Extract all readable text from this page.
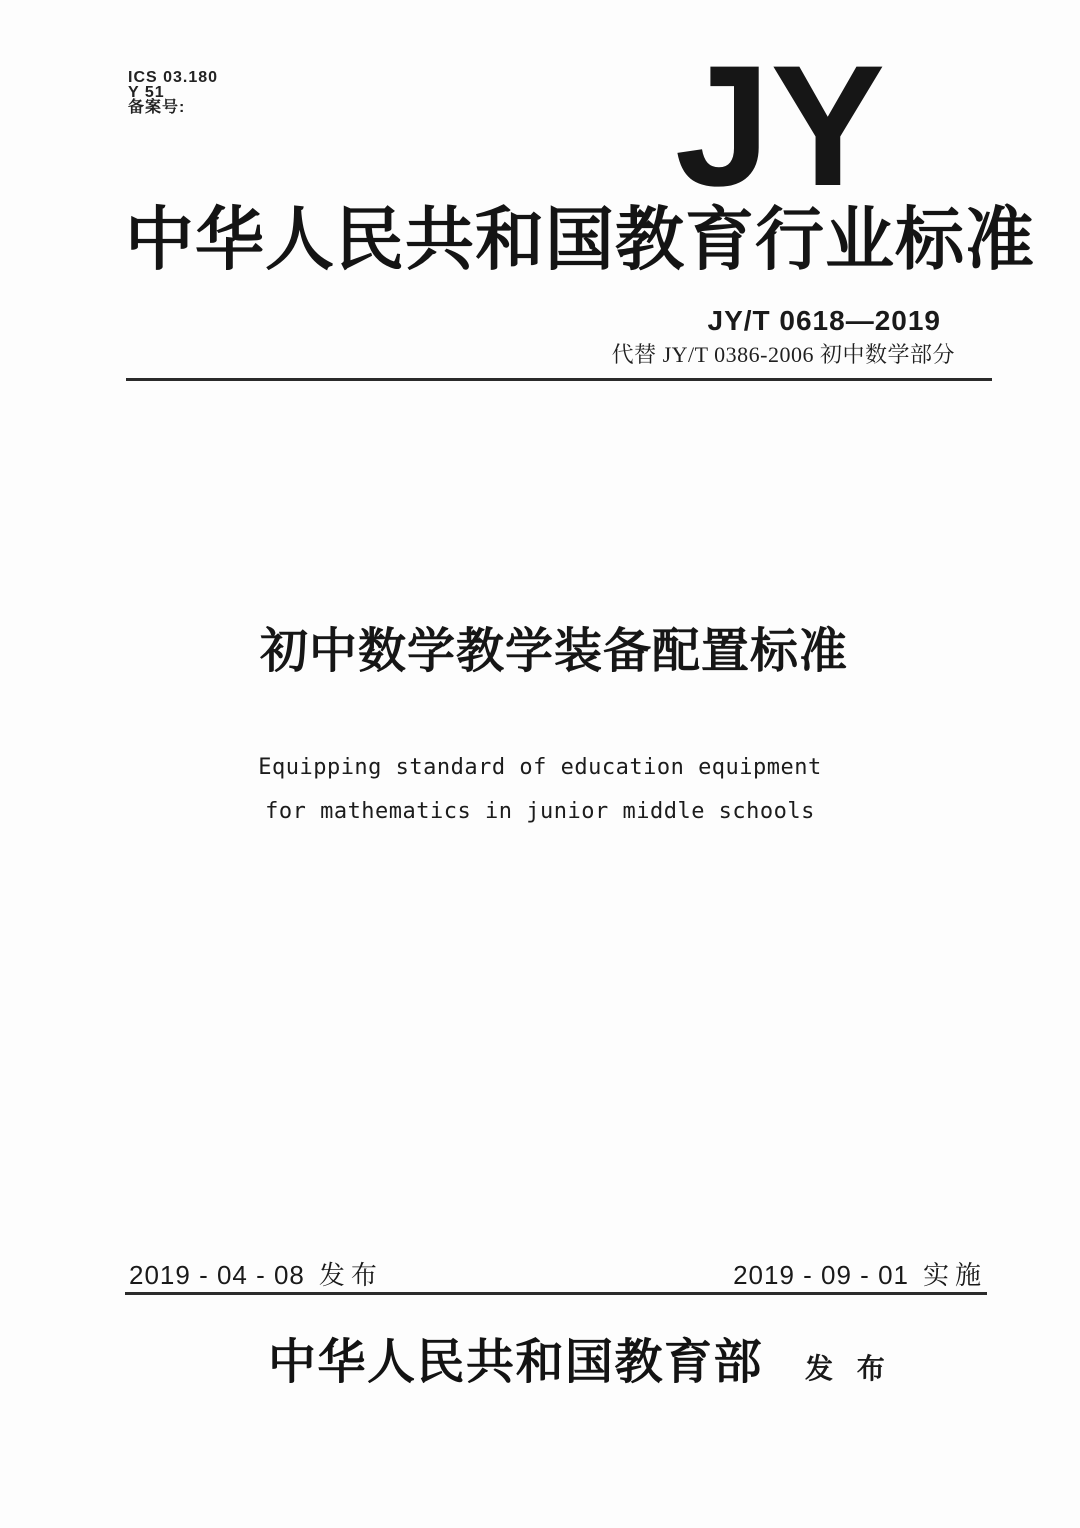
ICS 03.180
Y 51
备案号:	JY
中华人民共和国教育行业标准
JY/T 0618—2019
代替 JY/T 0386-2006 初中数学部分
初中数学教学装备配置标准
Equipping standard of education equipment
for mathematics in junior middle schools
2019 - 04 - 08 发布	2019 - 09 - 01 实施
中华人民共和国教育部 发 布
